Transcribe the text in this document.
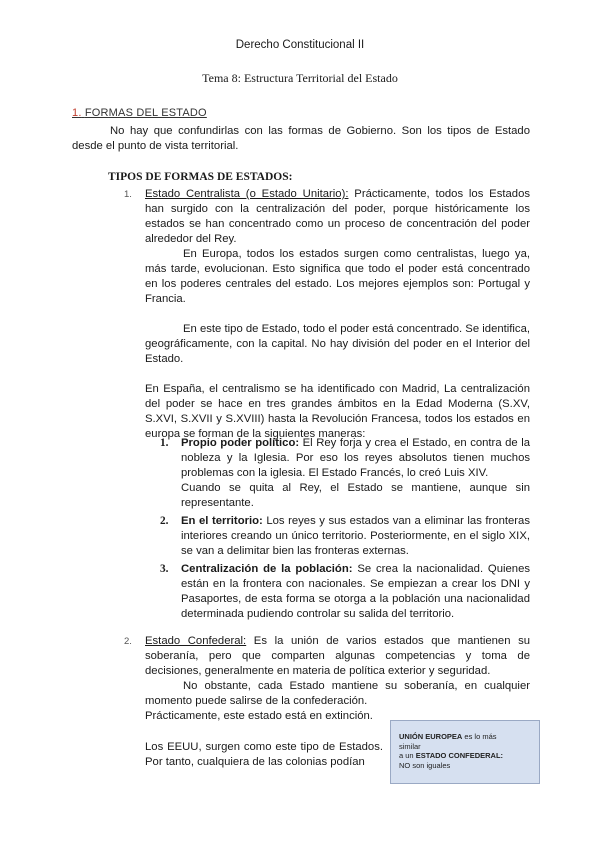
Derecho Constitucional II
Tema 8: Estructura Territorial del Estado
1. FORMAS DEL ESTADO

No hay que confundirlas con las formas de Gobierno. Son los tipos de Estado desde el punto de vista territorial.

TIPOS DE FORMAS DE ESTADOS:
1. Estado Centralista (o Estado Unitario): Prácticamente, todos los Estados han surgido con la centralización del poder, porque históricamente los estados se han concentrado como un proceso de concentración del poder alrededor del Rey.

En Europa, todos los estados surgen como centralistas, luego ya, más tarde, evolucionan. Esto significa que todo el poder está concentrado en los poderes centrales del estado. Los mejores ejemplos son: Portugal y Francia.

En este tipo de Estado, todo el poder está concentrado. Se identifica, geográficamente, con la capital. No hay división del poder en el Interior del Estado.

En España, el centralismo se ha identificado con Madrid, La centralización del poder se hace en tres grandes ámbitos en la Edad Moderna (S.XV, S.XVI, S.XVII y S.XVIII) hasta la Revolución Francesa, todos los estados en europa se forman de la siguientes maneras:

1. Propio poder político: El Rey forja y crea el Estado, en contra de la nobleza y la Iglesia. Por eso los reyes absolutos tienen muchos problemas con la iglesia. El Estado Francés, lo creó Luis XIV.

Cuando se quita al Rey, el Estado se mantiene, aunque sin representante.

2. En el territorio: Los reyes y sus estados van a eliminar las fronteras interiores creando un único territorio. Posteriormente, en el siglo XIX, se van a delimitar bien las fronteras externas.

3. Centralización de la población: Se crea la nacionalidad. Quienes están en la frontera con nacionales. Se empiezan a crear los DNI y Pasaportes, de esta forma se otorga a la población una nacionalidad determinada pudiendo controlar su salida del territorio.

2. Estado Confederal: Es la unión de varios estados que mantienen su soberanía, pero que comparten algunas competencias y toma de decisiones, generalmente en materia de política exterior y seguridad.

No obstante, cada Estado mantiene su soberanía, en cualquier momento puede salirse de la confederación.

Prácticamente, este estado está en extinción.

Los EEUU, surgen como este tipo de Estados. Por tanto, cualquiera de las colonias podían

UNIÓN EUROPEA es lo más
similar
a un ESTADO CONFEDERAL:
NO son iguales
